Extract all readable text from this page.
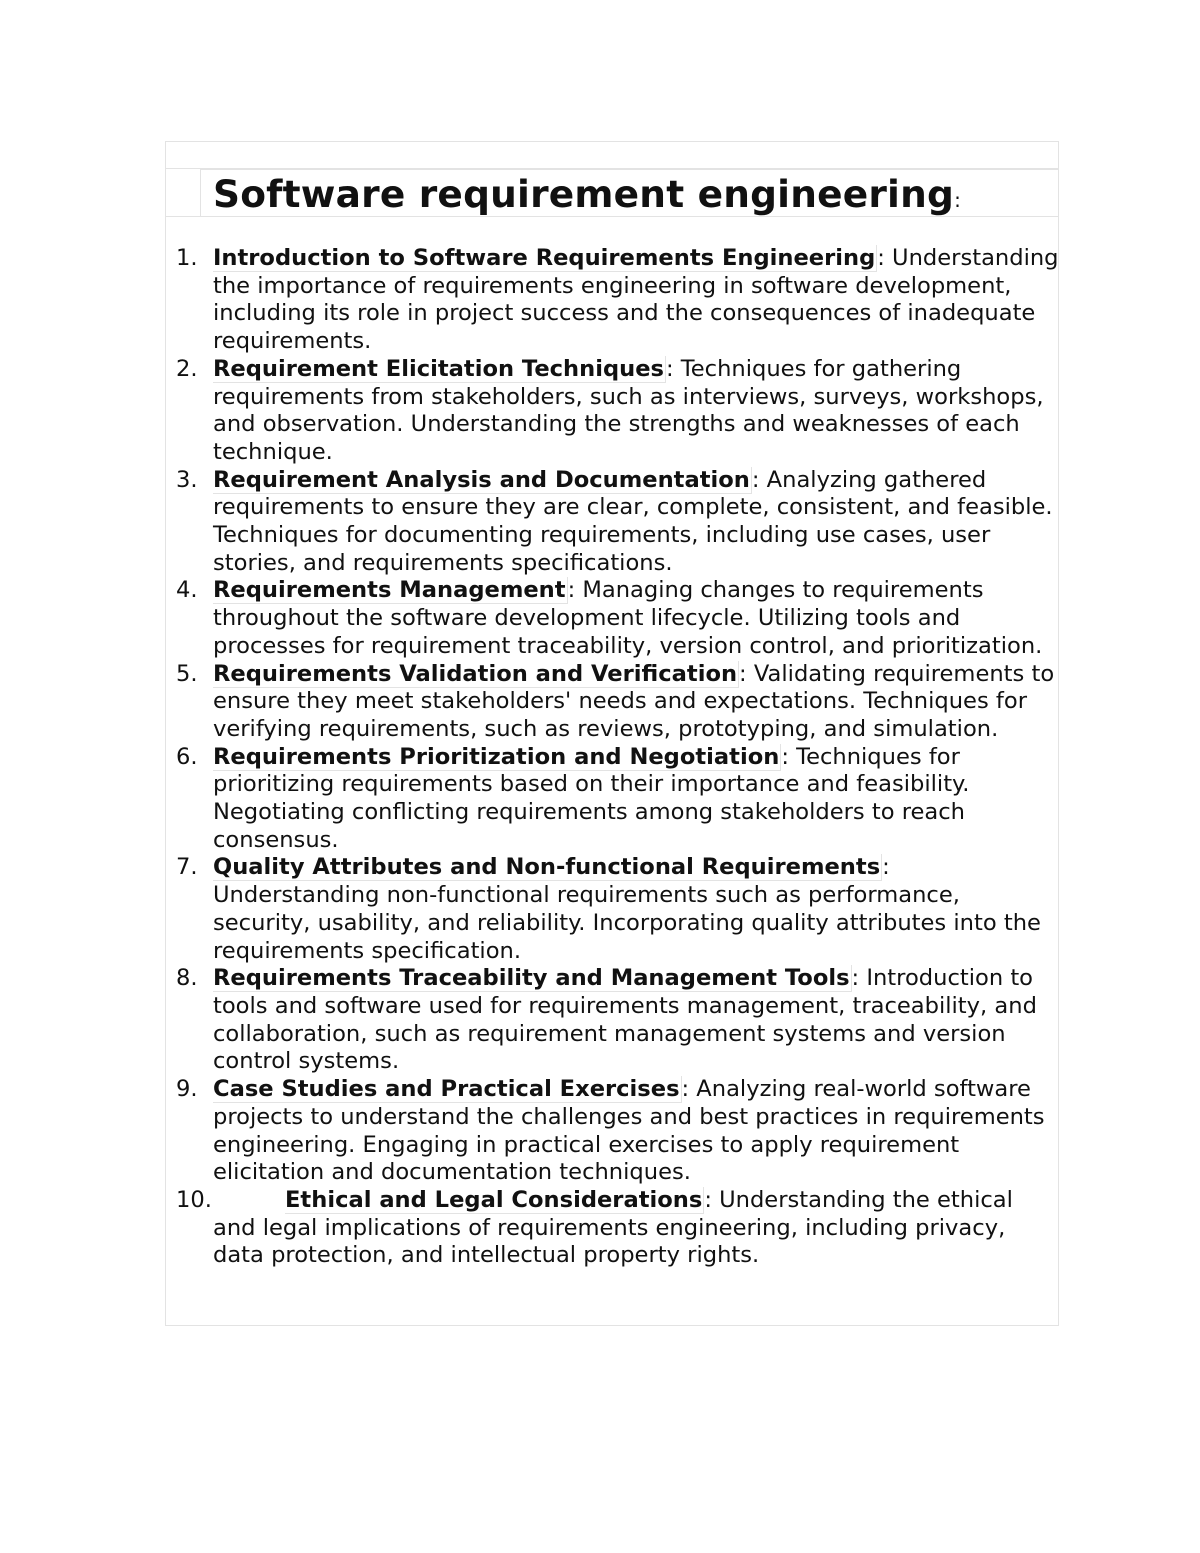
Software requirement engineering:
1. Introduction to Software Requirements Engineering: Understanding the importance of requirements engineering in software development, including its role in project success and the consequences of inadequate requirements.
2. Requirement Elicitation Techniques: Techniques for gathering requirements from stakeholders, such as interviews, surveys, workshops, and observation. Understanding the strengths and weaknesses of each technique.
3. Requirement Analysis and Documentation: Analyzing gathered requirements to ensure they are clear, complete, consistent, and feasible. Techniques for documenting requirements, including use cases, user stories, and requirements specifications.
4. Requirements Management: Managing changes to requirements throughout the software development lifecycle. Utilizing tools and processes for requirement traceability, version control, and prioritization.
5. Requirements Validation and Verification: Validating requirements to ensure they meet stakeholders' needs and expectations. Techniques for verifying requirements, such as reviews, prototyping, and simulation.
6. Requirements Prioritization and Negotiation: Techniques for prioritizing requirements based on their importance and feasibility. Negotiating conflicting requirements among stakeholders to reach consensus.
7. Quality Attributes and Non-functional Requirements: Understanding non-functional requirements such as performance, security, usability, and reliability. Incorporating quality attributes into the requirements specification.
8. Requirements Traceability and Management Tools: Introduction to tools and software used for requirements management, traceability, and collaboration, such as requirement management systems and version control systems.
9. Case Studies and Practical Exercises: Analyzing real-world software projects to understand the challenges and best practices in requirements engineering. Engaging in practical exercises to apply requirement elicitation and documentation techniques.
10.	Ethical and Legal Considerations: Understanding the ethical and legal implications of requirements engineering, including privacy, data protection, and intellectual property rights.
